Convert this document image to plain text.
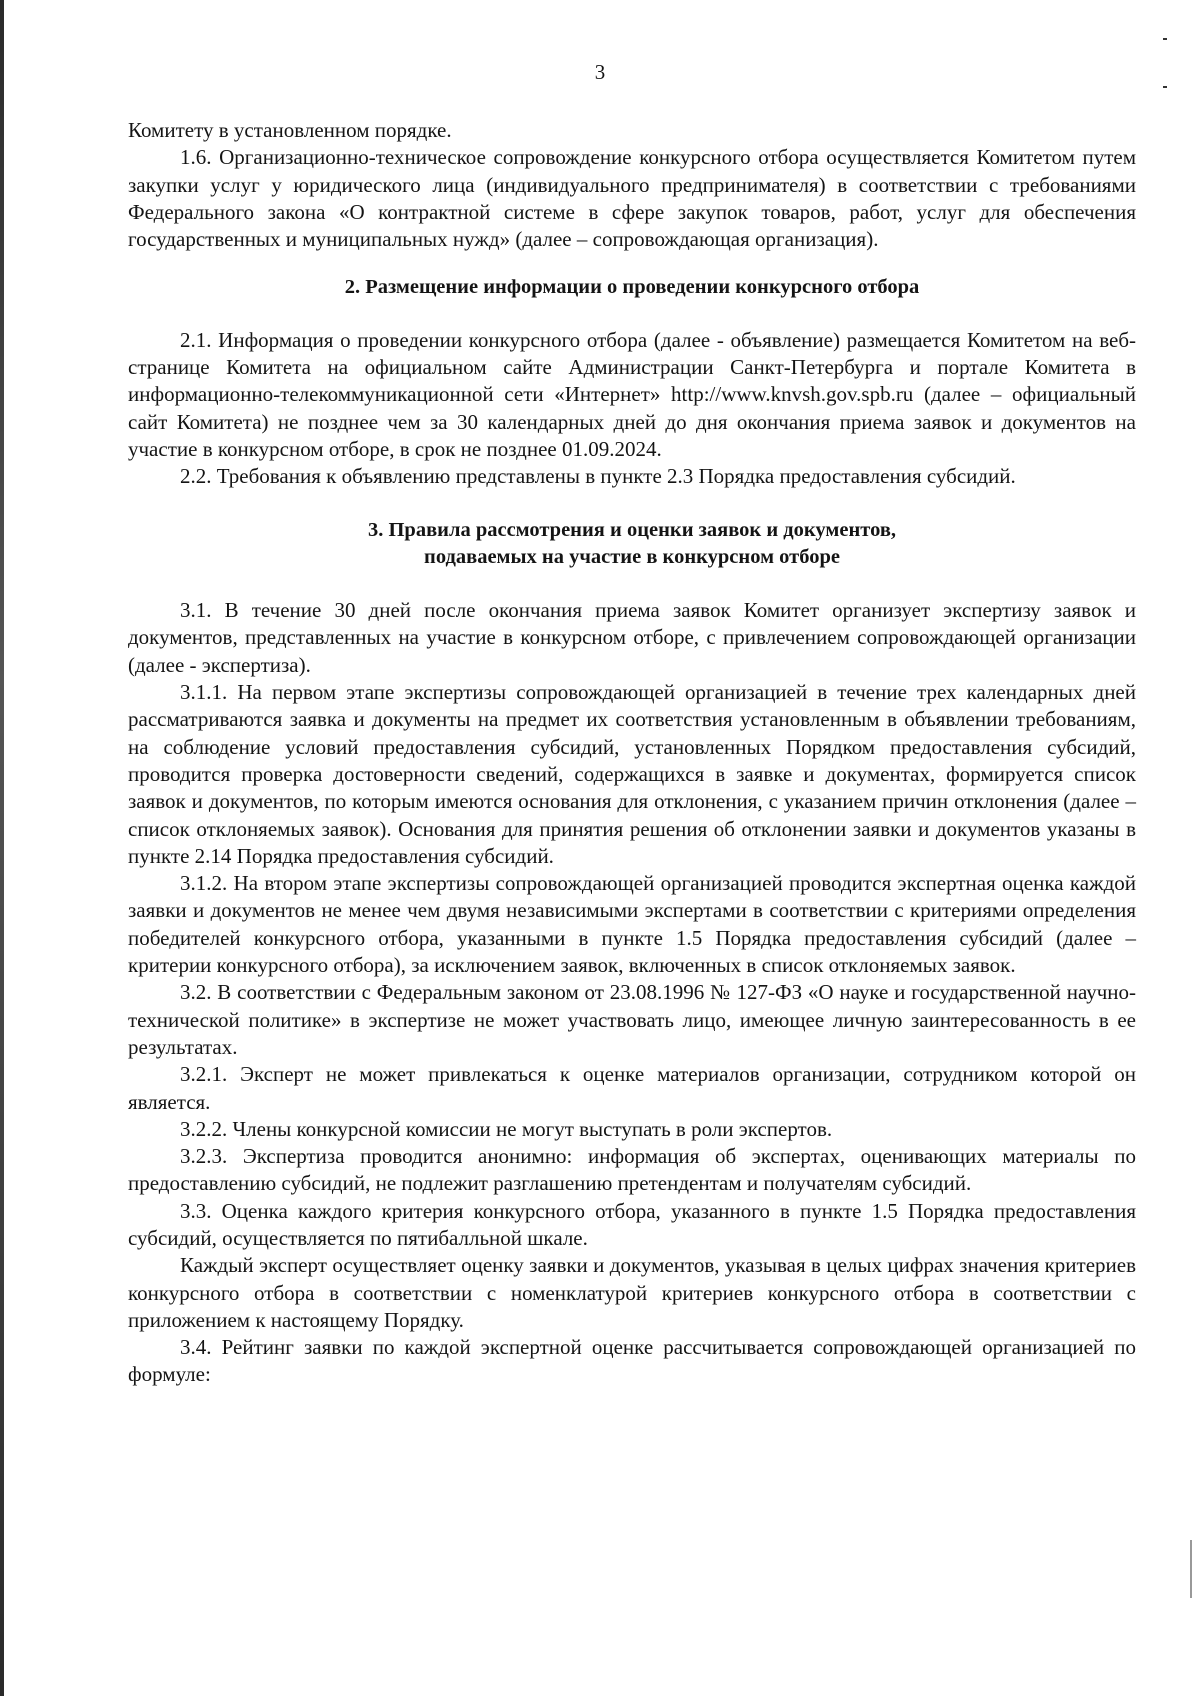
3

Комитету в установленном порядке.

1.6. Организационно-техническое сопровождение конкурсного отбора осуществляется Комитетом путем закупки услуг у юридического лица (индивидуального предпринимателя) в соответствии с требованиями Федерального закона «О контрактной системе в сфере закупок товаров, работ, услуг для обеспечения государственных и муниципальных нужд» (далее – сопровождающая организация).

2. Размещение информации о проведении конкурсного отбора

2.1. Информация о проведении конкурсного отбора (далее - объявление) размещается Комитетом на веб-странице Комитета на официальном сайте Администрации Санкт-Петербурга и портале Комитета в информационно-телекоммуникационной сети «Интернет» http://www.knvsh.gov.spb.ru (далее – официальный сайт Комитета) не позднее чем за 30 календарных дней до дня окончания приема заявок и документов на участие в конкурсном отборе, в срок не позднее 01.09.2024.

2.2. Требования к объявлению представлены в пункте 2.3 Порядка предоставления субсидий.

3. Правила рассмотрения и оценки заявок и документов,

подаваемых на участие в конкурсном отборе

3.1. В течение 30 дней после окончания приема заявок Комитет организует экспертизу заявок и документов, представленных на участие в конкурсном отборе, с привлечением сопровождающей организации (далее - экспертиза).

3.1.1. На первом этапе экспертизы сопровождающей организацией в течение трех календарных дней рассматриваются заявка и документы на предмет их соответствия установленным в объявлении требованиям, на соблюдение условий предоставления субсидий, установленных Порядком предоставления субсидий, проводится проверка достоверности сведений, содержащихся в заявке и документах, формируется список заявок и документов, по которым имеются основания для отклонения, с указанием причин отклонения (далее – список отклоняемых заявок). Основания для принятия решения об отклонении заявки и документов указаны в пункте 2.14 Порядка предоставления субсидий.

3.1.2. На втором этапе экспертизы сопровождающей организацией проводится экспертная оценка каждой заявки и документов не менее чем двумя независимыми экспертами в соответствии с критериями определения победителей конкурсного отбора, указанными в пункте 1.5 Порядка предоставления субсидий (далее – критерии конкурсного отбора), за исключением заявок, включенных в список отклоняемых заявок.

3.2. В соответствии с Федеральным законом от 23.08.1996 № 127-ФЗ «О науке и государственной научно-технической политике» в экспертизе не может участвовать лицо, имеющее личную заинтересованность в ее результатах.

3.2.1. Эксперт не может привлекаться к оценке материалов организации, сотрудником которой он является.

3.2.2. Члены конкурсной комиссии не могут выступать в роли экспертов.

3.2.3. Экспертиза проводится анонимно: информация об экспертах, оценивающих материалы по предоставлению субсидий, не подлежит разглашению претендентам и получателям субсидий.

3.3. Оценка каждого критерия конкурсного отбора, указанного в пункте 1.5 Порядка предоставления субсидий, осуществляется по пятибалльной шкале.

Каждый эксперт осуществляет оценку заявки и документов, указывая в целых цифрах значения критериев конкурсного отбора в соответствии с номенклатурой критериев конкурсного отбора в соответствии с приложением к настоящему Порядку.

3.4. Рейтинг заявки по каждой экспертной оценке рассчитывается сопровождающей организацией по формуле:
